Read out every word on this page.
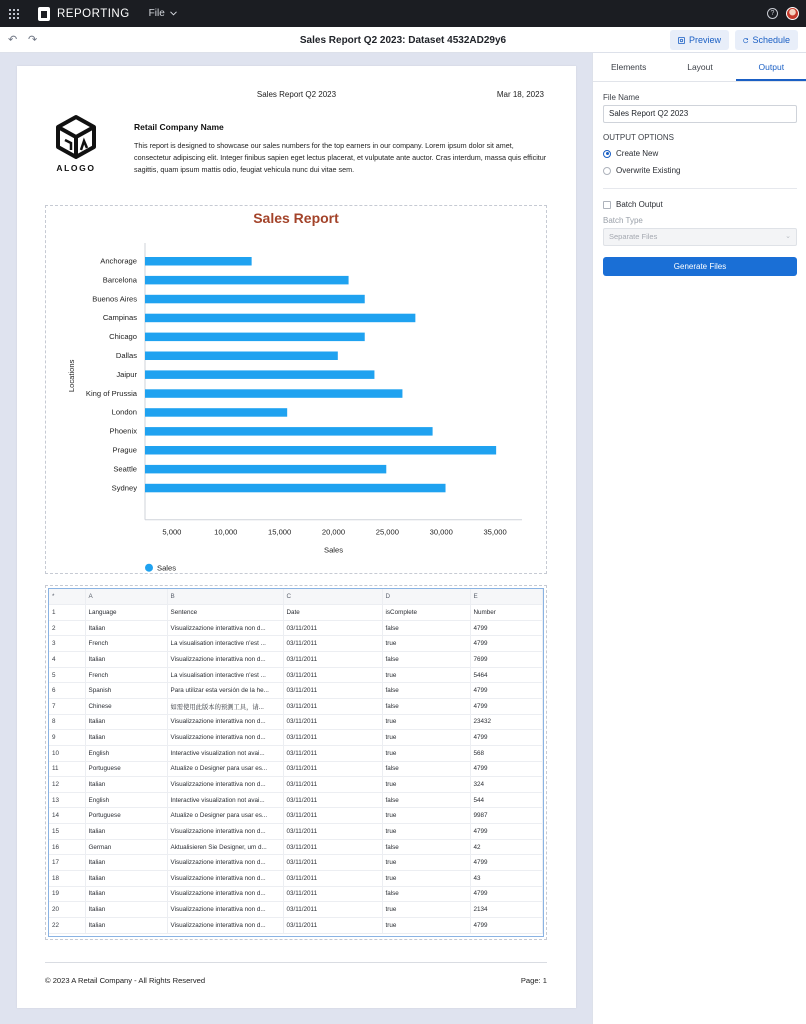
REPORTING File	?
↶ ↷	Sales Report Q2 2023: Dataset 4532AD29y6	Preview	Schedule
Sales Report Q2 2023	Mar 18, 2023
ALOGO
Retail Company Name
This report is designed to showcase our sales numbers for the top earners in our company. Lorem ipsum dolor sit amet, consectetur adipiscing elit. Integer finibus sapien eget lectus placerat, et vulputate ante auctor. Cras interdum, massa quis efficitur sagittis, quam ipsum mattis odio, feugiat vehicula nunc dui vitae sem.
Sales Report
Anchorage
Barcelona
Buenos Aires
Campinas
Chicago
Dallas
Jaipur
King of Prussia
London
Phoenix
Prague
Seattle
Sydney
5,000	10,000	15,000	20,000	25,000	30,000	35,000
Sales
Locations
Sales
*	A	B	C	D	E
1	Language	Sentence	Date	isComplete	Number
2	Italian	Visualizzazione interattiva non d...	03/11/2011	false	4799
3	French	La visualisation interactive n'est ...	03/11/2011	true	4799
4	Italian	Visualizzazione interattiva non d...	03/11/2011	false	7699
5	French	La visualisation interactive n'est ...	03/11/2011	true	5464
6	Spanish	Para utilizar esta versión de la he...	03/11/2011	false	4799
7	Chinese	如需使用此版本的预测工具，请...	03/11/2011	false	4799
8	Italian	Visualizzazione interattiva non d...	03/11/2011	true	23432
9	Italian	Visualizzazione interattiva non d...	03/11/2011	true	4799
10	English	Interactive visualization not avai...	03/11/2011	true	568
11	Portuguese	Atualize o Designer para usar es...	03/11/2011	false	4799
12	Italian	Visualizzazione interattiva non d...	03/11/2011	true	324
13	English	Interactive visualization not avai...	03/11/2011	false	544
14	Portuguese	Atualize o Designer para usar es...	03/11/2011	true	9987
15	Italian	Visualizzazione interattiva non d...	03/11/2011	true	4799
16	German	Aktualisieren Sie Designer, um d...	03/11/2011	false	42
17	Italian	Visualizzazione interattiva non d...	03/11/2011	true	4799
18	Italian	Visualizzazione interattiva non d...	03/11/2011	true	43
19	Italian	Visualizzazione interattiva non d...	03/11/2011	false	4799
20	Italian	Visualizzazione interattiva non d...	03/11/2011	true	2134
22	Italian	Visualizzazione interattiva non d...	03/11/2011	true	4799
© 2023 A Retail Company - All Rights Reserved	Page: 1
Elements	Layout	Output
File Name
Sales Report Q2 2023
OUTPUT OPTIONS
Create New
Overwrite Existing
Batch Output
Batch Type
Separate Files	⌄
Generate Files
